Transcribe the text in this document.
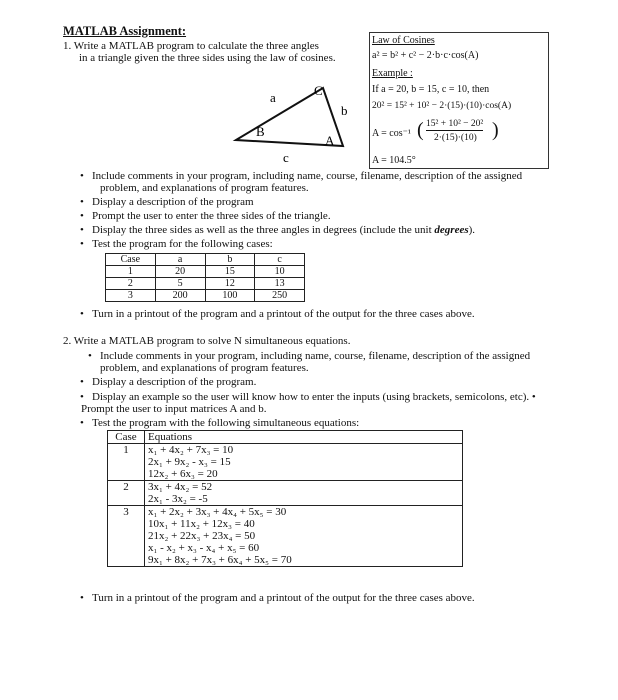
MATLAB Assignment:
1. Write a MATLAB program to calculate the three angles
in a triangle given the three sides using the law of cosines.
a	C
b
B
A
c
Law of Cosines
a² = b² + c² − 2·b·c·cos(A)
Example :
If a = 20, b = 15, c = 10, then
20² = 15² + 10² − 2·(15)·(10)·cos(A)
A = cos⁻¹ ( 15² + 10² − 20²
2·(15)·(10) )
A = 104.5°
• Include comments in your program, including name, course, filename, description of the assigned
problem, and explanations of program features.
• Display a description of the program
• Prompt the user to enter the three sides of the triangle.
• Display the three sides as well as the three angles in degrees (include the unit degrees).
• Test the program for the following cases:
Case	a	b	c
1	20	15	10
2	5	12	13
3	200	100	250
• Turn in a printout of the program and a printout of the output for the three cases above.
2. Write a MATLAB program to solve N simultaneous equations.
• Include comments in your program, including name, course, filename, description of the assigned
problem, and explanations of program features.
• Display a description of the program.
• Display an example so the user will know how to enter the inputs (using brackets, semicolons, etc). •
Prompt the user to input matrices A and b.
• Test the program with the following simultaneous equations:
Case	Equations
1	x₁ + 4x₂ + 7x₃ = 10
2x₁ + 9x₂ - x₃ = 15
12x₂ + 6x₃ = 20

2	3x₁ + 4x₂ = 52
2x₁ - 3x₂ = -5

3	x₁ + 2x₂ + 3x₃ + 4x₄ + 5x₅ = 30
10x₁ + 11x₂ + 12x₃ = 40
21x₂ + 22x₃ + 23x₄ = 50
x₁ - x₂ + x₃ - x₄ + x₅ = 60
9x₁ + 8x₂ + 7x₃ + 6x₄ + 5x₅ = 70
• Turn in a printout of the program and a printout of the output for the three cases above.
